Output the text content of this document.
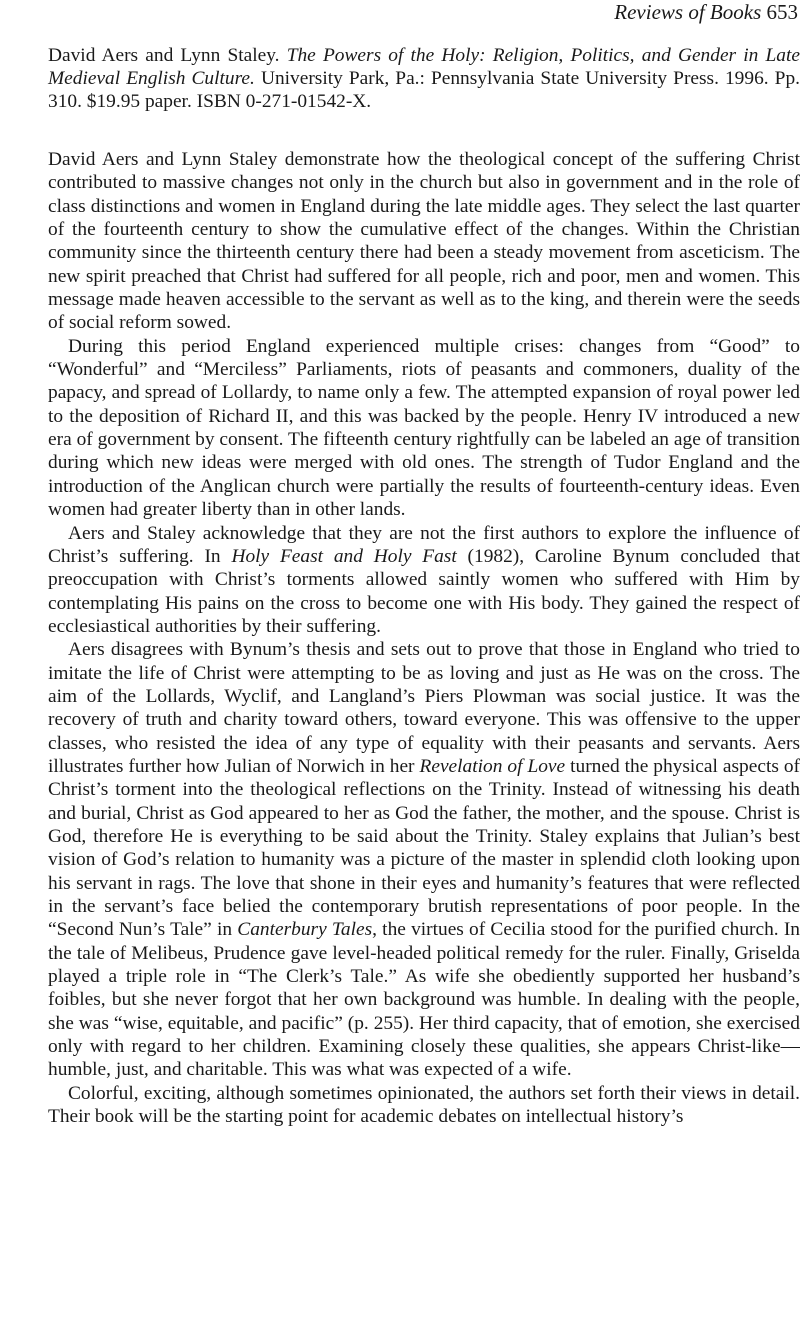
Reviews of Books 653
David Aers and Lynn Staley. The Powers of the Holy: Religion, Politics, and Gender in Late Medieval English Culture. University Park, Pa.: Pennsylvania State University Press. 1996. Pp. 310. $19.95 paper. ISBN 0-271-01542-X.

David Aers and Lynn Staley demonstrate how the theological concept of the suffering Christ contributed to massive changes not only in the church but also in government and in the role of class distinctions and women in England during the late middle ages. They select the last quarter of the fourteenth century to show the cumulative effect of the changes. Within the Christian community since the thirteenth century there had been a steady movement from asceticism. The new spirit preached that Christ had suffered for all people, rich and poor, men and women. This message made heaven accessible to the servant as well as to the king, and therein were the seeds of social reform sowed.

During this period England experienced multiple crises: changes from “Good” to “Wonderful” and “Merciless” Parliaments, riots of peasants and commoners, duality of the papacy, and spread of Lollardy, to name only a few. The attempted expansion of royal power led to the deposition of Richard II, and this was backed by the people. Henry IV introduced a new era of government by consent. The fifteenth century rightfully can be labeled an age of transition during which new ideas were merged with old ones. The strength of Tudor England and the introduction of the Anglican church were partially the results of fourteenth-century ideas. Even women had greater liberty than in other lands.

Aers and Staley acknowledge that they are not the first authors to explore the influence of Christ’s suffering. In Holy Feast and Holy Fast (1982), Caroline Bynum concluded that preoccupation with Christ’s torments allowed saintly women who suffered with Him by contemplating His pains on the cross to become one with His body. They gained the respect of ecclesiastical authorities by their suffering.

Aers disagrees with Bynum’s thesis and sets out to prove that those in England who tried to imitate the life of Christ were attempting to be as loving and just as He was on the cross. The aim of the Lollards, Wyclif, and Langland’s Piers Plowman was social justice. It was the recovery of truth and charity toward others, toward everyone. This was offensive to the upper classes, who resisted the idea of any type of equality with their peasants and servants. Aers illustrates further how Julian of Norwich in her Revelation of Love turned the physical aspects of Christ’s torment into the theological reflections on the Trinity. Instead of witnessing his death and burial, Christ as God appeared to her as God the father, the mother, and the spouse. Christ is God, therefore He is everything to be said about the Trinity. Staley explains that Julian’s best vision of God’s relation to humanity was a picture of the master in splendid cloth looking upon his servant in rags. The love that shone in their eyes and humanity’s features that were reflected in the servant’s face belied the contemporary brutish representations of poor people. In the “Second Nun’s Tale” in Canterbury Tales, the virtues of Cecilia stood for the purified church. In the tale of Melibeus, Prudence gave level-headed political remedy for the ruler. Finally, Griselda played a triple role in “The Clerk’s Tale.” As wife she obediently supported her husband’s foibles, but she never forgot that her own background was humble. In dealing with the people, she was “wise, equitable, and pacific” (p. 255). Her third capacity, that of emotion, she exercised only with regard to her children. Examining closely these qualities, she appears Christ-like—humble, just, and charitable. This was what was expected of a wife.

Colorful, exciting, although sometimes opinionated, the authors set forth their views in detail. Their book will be the starting point for academic debates on intellectual history’s
